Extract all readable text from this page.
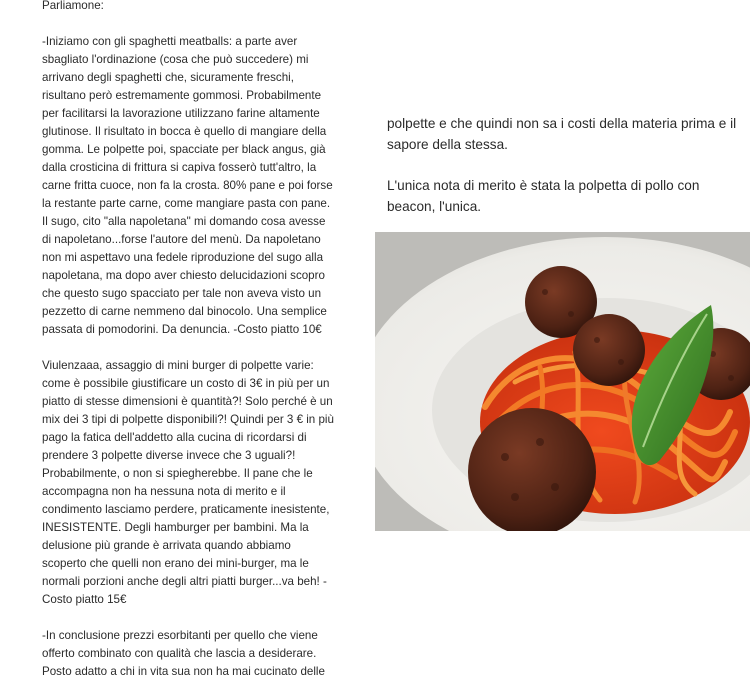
Parliamone:

-Iniziamo con gli spaghetti meatballs: a parte aver
sbagliato l'ordinazione (cosa che può succedere) mi
arrivano degli spaghetti che, sicuramente freschi,
risultano però estremamente gommosi. Probabilmente
per facilitarsi la lavorazione utilizzano farine altamente
glutinose. Il risultato in bocca è quello di mangiare della
gomma. Le polpette poi, spacciate per black angus, già
dalla crosticina di frittura si capiva fosserò tutt'altro, la
carne fritta cuoce, non fa la crosta. 80% pane e poi forse
la restante parte carne, come mangiare pasta con pane.
Il sugo, cito "alla napoletana" mi domando cosa avesse
di napoletano...forse l'autore del menù. Da napoletano
non mi aspettavo una fedele riproduzione del sugo alla
napoletana, ma dopo aver chiesto delucidazioni scopro
che questo sugo spacciato per tale non aveva visto un
pezzetto di carne nemmeno dal binocolo. Una semplice
passata di pomodorini. Da denuncia. -Costo piatto 10€

Viulenzaaa, assaggio di mini burger di polpette varie:
come è possibile giustificare un costo di 3€ in più per un
piatto di stesse dimensioni è quantità?! Solo perché è un
mix dei 3 tipi di polpette disponibili?! Quindi per 3 € in più
pago la fatica dell'addetto alla cucina di ricordarsi di
prendere 3 polpette diverse invece che 3 uguali?!
Probabilmente, o non si spiegherebbe. Il pane che le
accompagna non ha nessuna nota di merito e il
condimento lasciamo perdere, praticamente inesistente,
INESISTENTE. Degli hamburger per bambini. Ma la
delusione più grande è arrivata quando abbiamo
scoperto che quelli non erano dei mini-burger, ma le
normali porzioni anche degli altri piatti burger...va beh! -
Costo piatto 15€

-In conclusione prezzi esorbitanti per quello che viene
offerto combinato con qualità che lascia a desiderare.
Posto adatto a chi in vita sua non ha mai cucinato delle

polpette e che quindi non sa i costi della materia prima e il sapore della stessa.

L'unica nota di merito è stata la polpetta di pollo con beacon, l'unica.
